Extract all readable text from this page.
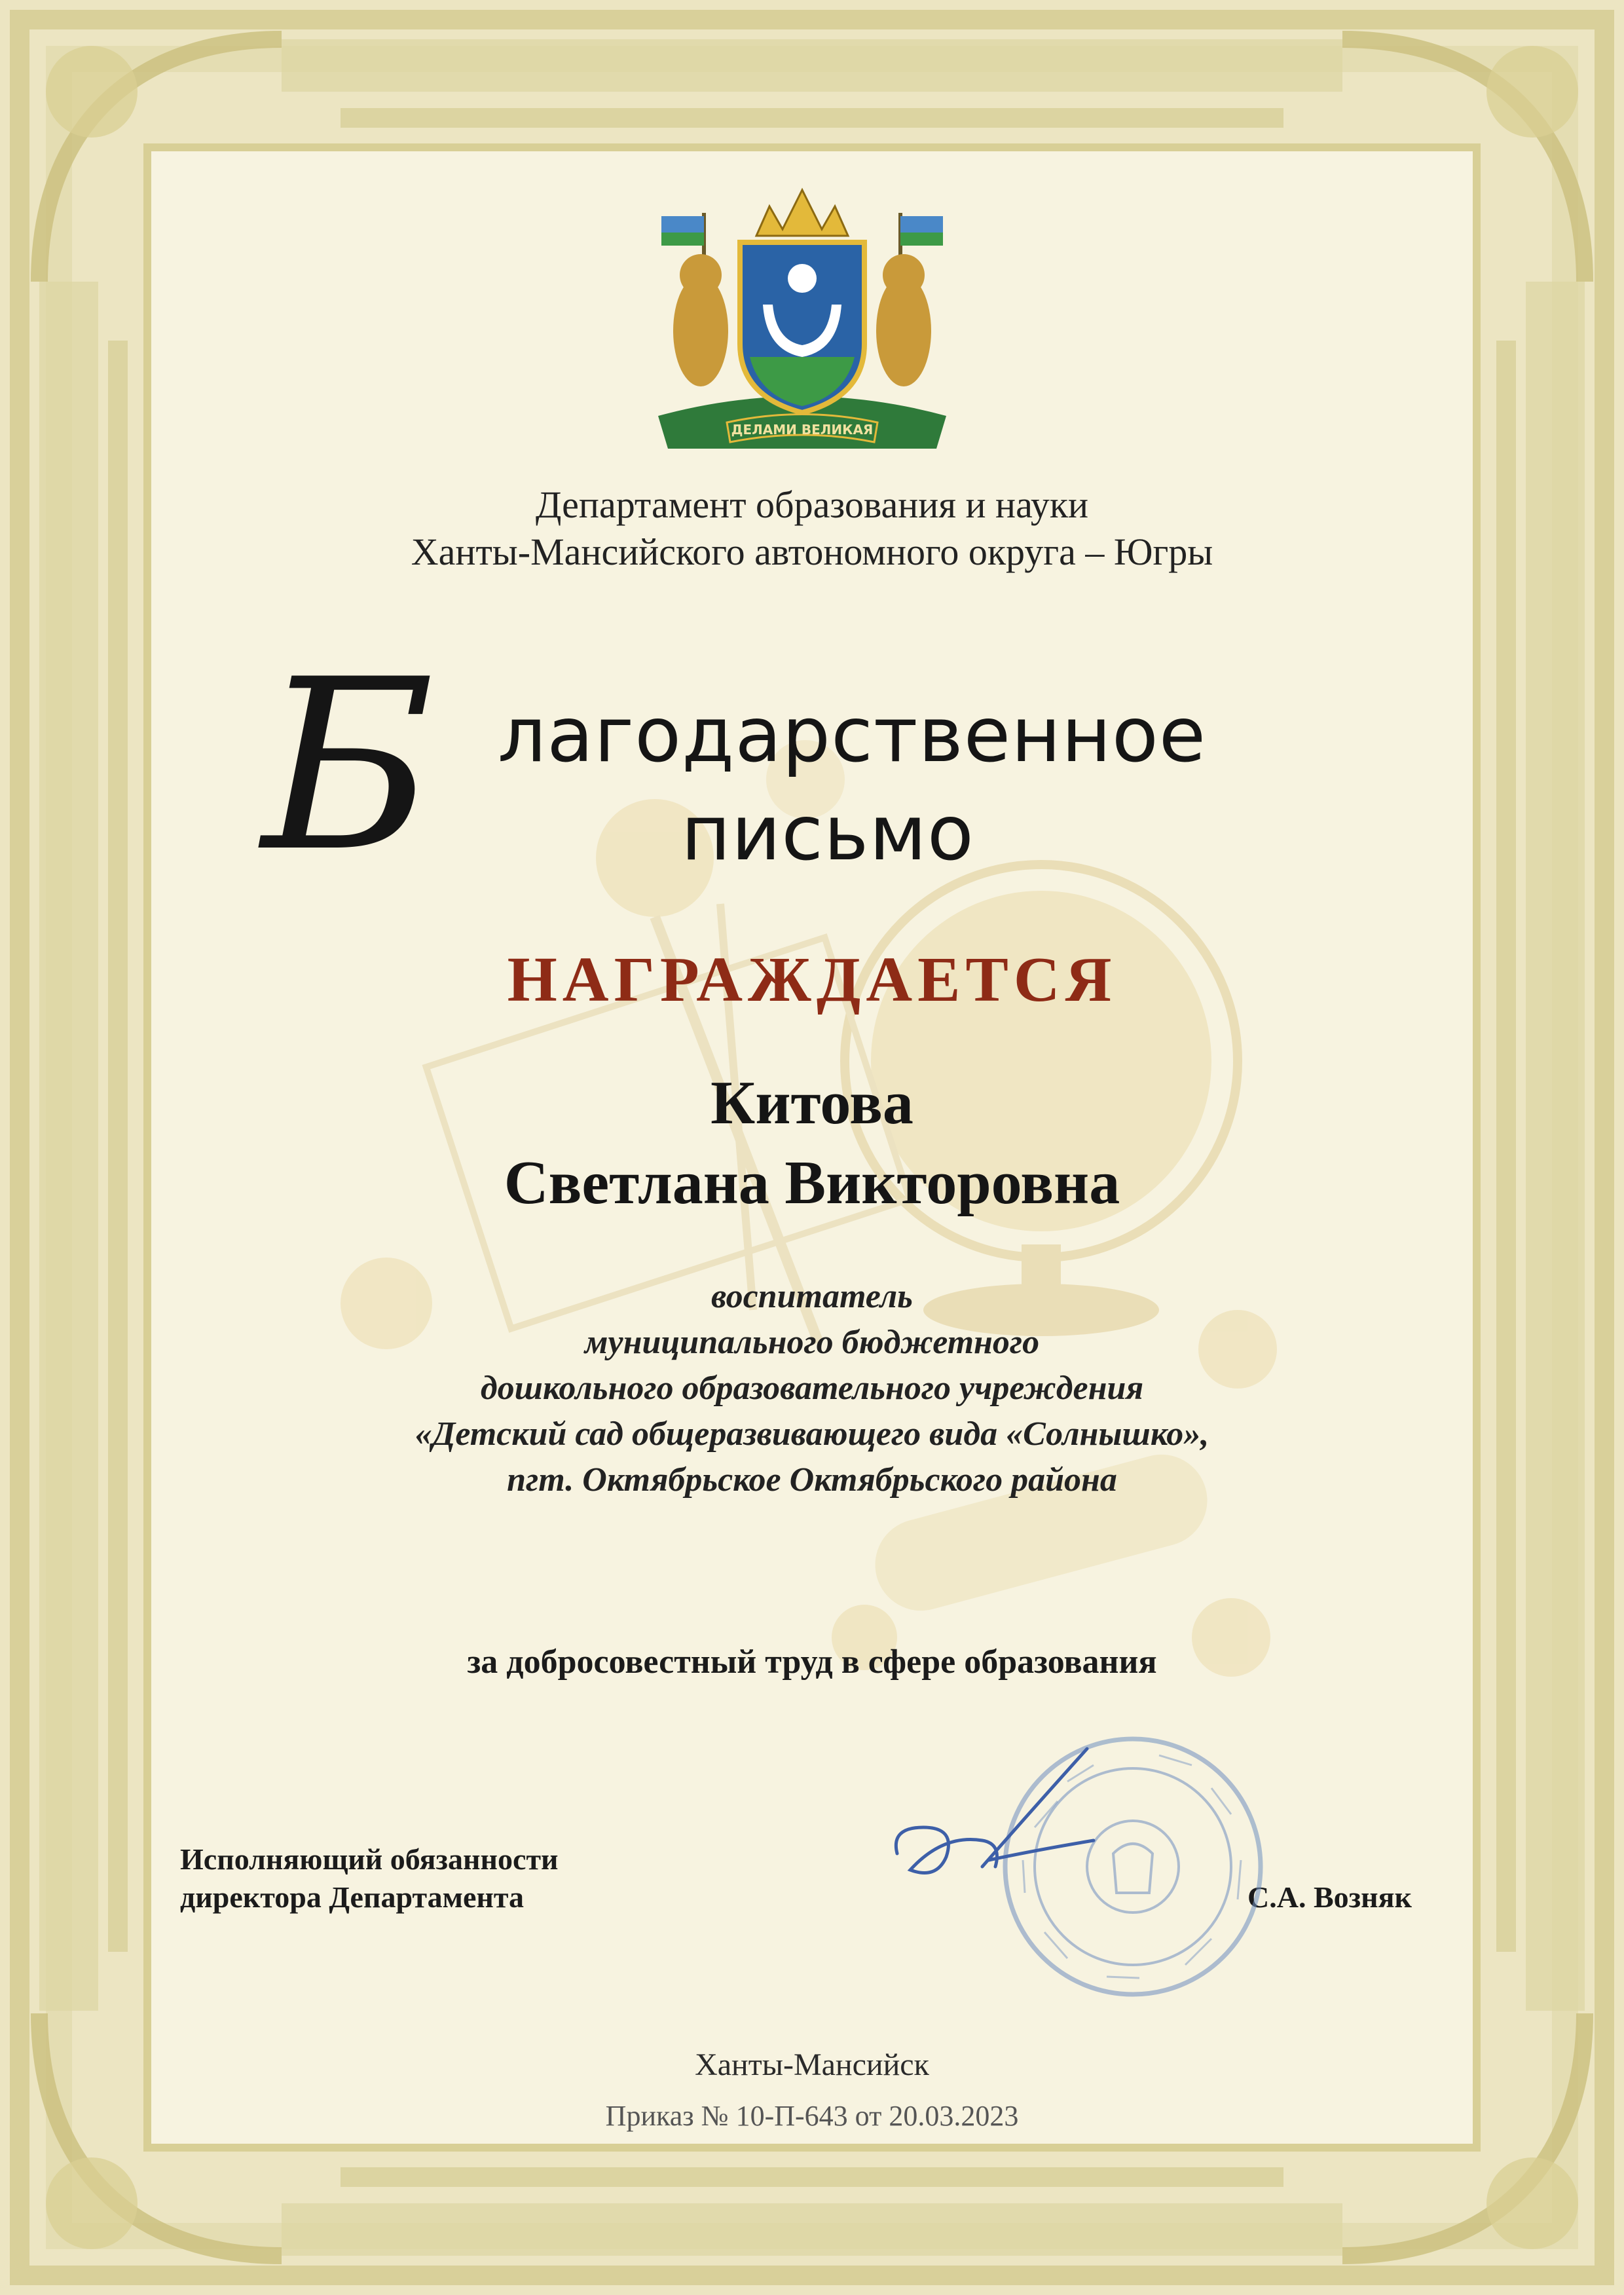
ДЕЛАМИ ВЕЛИКАЯ

Департамент образования и науки

Ханты-Мансийского автономного округа – Югры

Б лагодарственное
письмо

НАГРАЖДАЕТСЯ

Китова

Светлана Викторовна

воспитатель

муниципального бюджетного

дошкольного образовательного учреждения

«Детский сад общеразвивающего вида «Солнышко»,

пгт. Октябрьское Октябрьского района

за добросовестный труд в сфере образования

Исполняющий обязанности

директора Департамента	С.А. Возняк

Ханты-Мансийск

Приказ № 10-П-643 от 20.03.2023
